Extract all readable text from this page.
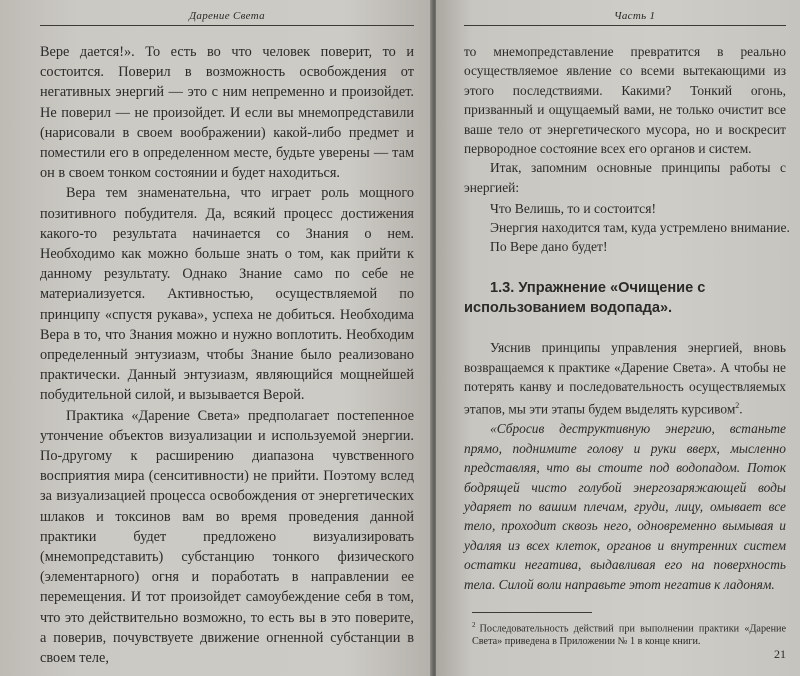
Дарение Света

Вере дается!». То есть во что человек поверит, то и состоится. Поверил в возможность освобождения от негативных энергий — это с ним непременно и произойдет. Не поверил — не произойдет. И если вы мнемопредставили (нарисовали в своем воображении) какой-либо предмет и поместили его в определенном месте, будьте уверены — там он в своем тонком состоянии и будет находиться.

Вера тем знаменательна, что играет роль мощного позитивного побудителя. Да, всякий процесс достижения какого-то результата начинается со Знания о нем. Необходимо как можно больше знать о том, как прийти к данному результату. Однако Знание само по себе не материализуется. Активностью, осуществляемой по принципу «спустя рукава», успеха не добиться. Необходима Вера в то, что Знания можно и нужно воплотить. Необходим определенный энтузиазм, чтобы Знание было реализовано практически. Данный энтузиазм, являющийся мощнейшей побудительной силой, и вызывается Верой.

Практика «Дарение Света» предполагает постепенное утончение объектов визуализации и используемой энергии. По-другому к расширению диапазона чувственного восприятия мира (сенситивности) не прийти. Поэтому вслед за визуализацией процесса освобождения от энергетических шлаков и токсинов вам во время проведения данной практики будет предложено визуализировать (мнемопредставить) субстанцию тонкого физического (элементарного) огня и поработать в направлении ее перемещения. И тот произойдет самоубеждение себя в том, что это действительно возможно, то есть вы в это поверите, а поверив, почувствуете движение огненной субстанции в своем теле,

Часть 1

то мнемопредставление превратится в реально осуществляемое явление со всеми вытекающими из этого последствиями. Какими? Тонкий огонь, призванный и ощущаемый вами, не только очистит все ваше тело от энергетического мусора, но и воскресит первородное состояние всех его органов и систем.

Итак, запомним основные принципы работы с энергией:

Что Велишь, то и состоится!
Энергия находится там, куда устремлено внимание.
По Вере дано будет!
1.3. Упражнение «Очищение с использованием водопада».

Уяснив принципы управления энергией, вновь возвращаемся к практике «Дарение Света». А чтобы не потерять канву и последовательность осуществляемых этапов, мы эти этапы будем выделять курсивом$^2$.

«Сбросив деструктивную энергию, встаньте прямо, поднимите голову и руки вверх, мысленно представляя, что вы стоите под водопадом. Поток бодрящей чисто голубой энергозаряжающей воды ударяет по вашим плечам, груди, лицу, омывает все тело, проходит сквозь него, одновременно вымывая и удаляя из всех клеток, органов и внутренних систем остатки негатива, выдавливая его на поверхность тела. Силой воли направьте этот негатив к ладоням.

$^2$ Последовательность действий при выполнении практики «Дарение Света» приведена в Приложении № 1 в конце книги.
21
